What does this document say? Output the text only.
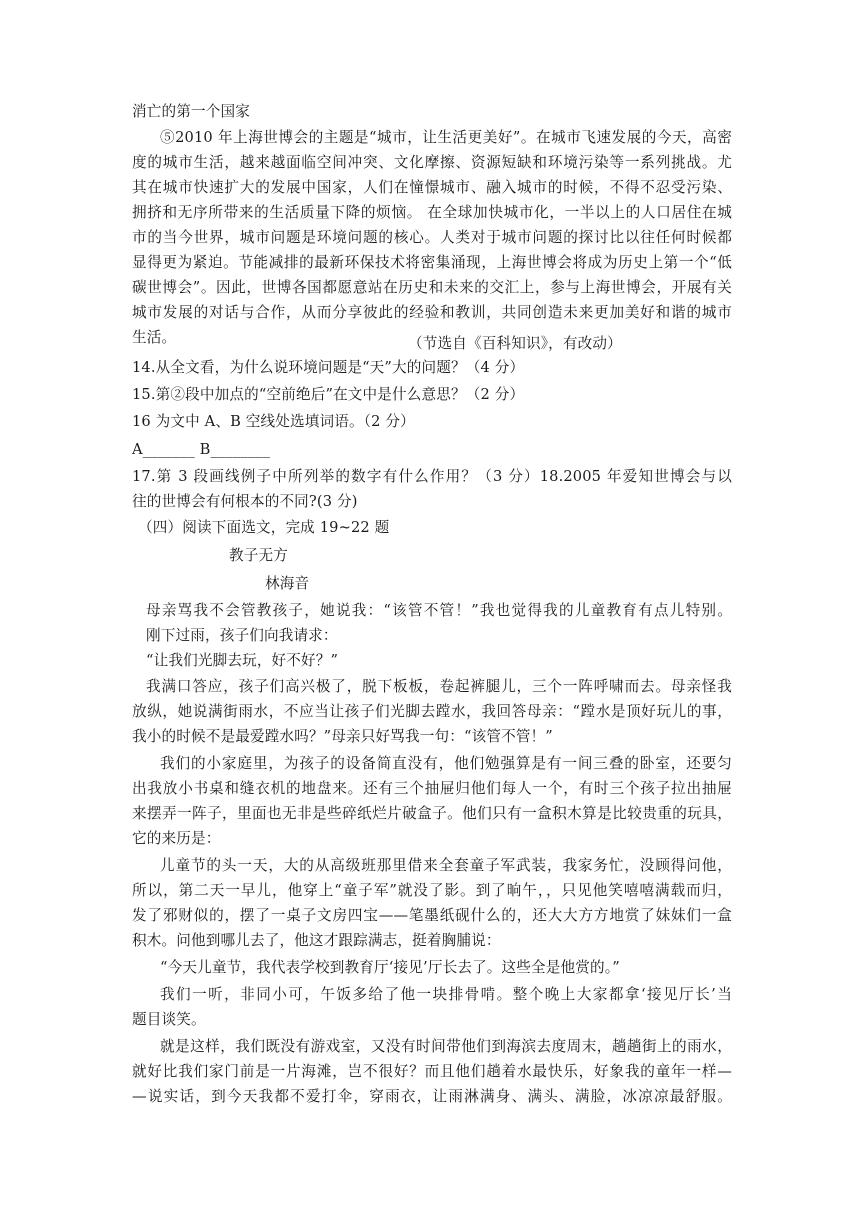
消亡的第一个国家
⑤2010 年上海世博会的主题是“城市，让生活更美好”。在城市飞速发展的今天，高密
度的城市生活，越来越面临空间冲突、文化摩擦、资源短缺和环境污染等一系列挑战。尤
其在城市快速扩大的发展中国家，人们在憧憬城市、融入城市的时候，不得不忍受污染、
拥挤和无序所带来的生活质量下降的烦恼。 在全球加快城市化，一半以上的人口居住在城
市的当今世界，城市问题是环境问题的核心。人类对于城市问题的探讨比以往任何时候都
显得更为紧迫。节能减排的最新环保技术将密集涌现，上海世博会将成为历史上第一个“低
碳世博会”。因此，世博各国都愿意站在历史和未来的交汇上，参与上海世博会，开展有关
城市发展的对话与合作，从而分享彼此的经验和教训，共同创造未来更加美好和谐的城市
生活。	（节选自《百科知识》，有改动）
14.从全文看，为什么说环境问题是“天”大的问题？（4 分）
15.第②段中加点的“空前绝后”在文中是什么意思？（2 分）
16 为文中 A、B 空线处选填词语。（2 分）
A_______ B________
17.第 3 段画线例子中所列举的数字有什么作用？（3 分）18.2005 年爱知世博会与以
往的世博会有何根本的不同?(3 分)
（四）阅读下面选文，完成 19~22 题
教子无方
林海音
母亲骂我不会管教孩子，她说我：“该管不管！”我也觉得我的儿童教育有点儿特别。
刚下过雨，孩子们向我请求：
“让我们光脚去玩，好不好？”
我满口答应，孩子们高兴极了，脱下板板，卷起裤腿儿，三个一阵呼啸而去。母亲怪我
放纵，她说满街雨水，不应当让孩子们光脚去蹚水，我回答母亲：“蹚水是顶好玩儿的事，
我小的时候不是最爱蹚水吗？”母亲只好骂我一句：“该管不管！”
我们的小家庭里，为孩子的设备简直没有，他们勉强算是有一间三叠的卧室，还要匀
出我放小书桌和缝衣机的地盘来。还有三个抽屉归他们每人一个，有时三个孩子拉出抽屉
来摆弄一阵子，里面也无非是些碎纸烂片破盒子。他们只有一盒积木算是比较贵重的玩具，
它的来历是：
儿童节的头一天，大的从高级班那里借来全套童子军武装，我家务忙，没顾得问他，
所以，第二天一早儿，他穿上“童子军”就没了影。到了晌午，，只见他笑嘻嘻满载而归，
发了邪财似的，摆了一桌子文房四宝——笔墨纸砚什么的，还大大方方地赏了妹妹们一盒
积木。问他到哪儿去了，他这才跟踪满志，挺着胸脯说：
“今天儿童节，我代表学校到教育厅‘接见’厅长去了。这些全是他赏的。”
我们一听，非同小可，午饭多给了他一块排骨啃。整个晚上大家都拿‘接见厅长’当
题目谈笑。
就是这样，我们既没有游戏室，又没有时间带他们到海滨去度周末，趟趟街上的雨水，
就好比我们家门前是一片海滩，岂不很好？而且他们趟着水最快乐，好象我的童年一样—
—说实话，到今天我都不爱打伞，穿雨衣，让雨淋满身、满头、满脸，冰凉凉最舒服。
